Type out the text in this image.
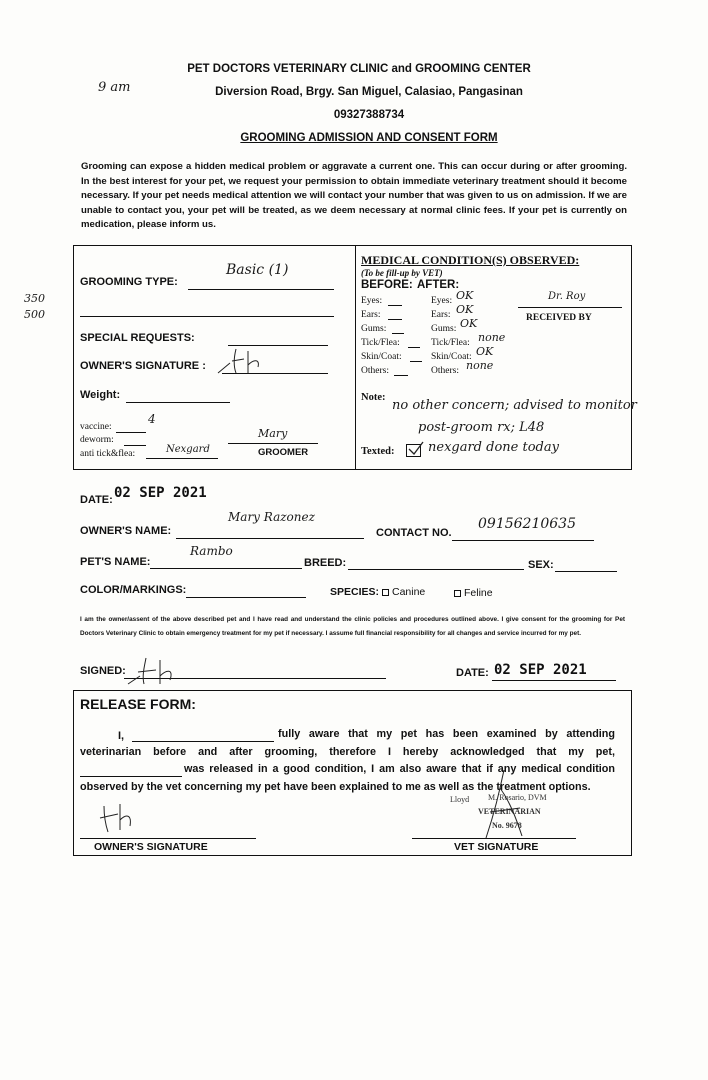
PET DOCTORS VETERINARY CLINIC and GROOMING CENTER
Diversion Road, Brgy. San Miguel, Calasiao, Pangasinan
09327388734
GROOMING ADMISSION AND CONSENT FORM
9 am
350
500

Grooming can expose a hidden medical problem or aggravate a current one. This can occur during or after grooming. In the best interest for your pet, we request your permission to obtain immediate veterinary treatment should it become necessary. If your pet needs medical attention we will contact your number that was given to us on admission. If we are unable to contact you, your pet will be treated, as we deem necessary at normal clinic fees. If your pet is currently on medication, please inform us.

GROOMING TYPE:
Basic (1)
SPECIAL REQUESTS:
OWNER'S SIGNATURE :
Weight:
vaccine:
4
deworm:
anti tick&flea:	Nexgard
Mary
GROOMER
MEDICAL CONDITION(S) OBSERVED:
(To be fill-up by VET)
BEFORE: AFTER:
Eyes:
Ears:
Gums:
Tick/Flea:
Skin/Coat:
Others:
Eyes: OK
Ears: OK
Gums: OK
Tick/Flea: none
Skin/Coat: OK
Others: none
Dr. Roy
RECEIVED BY
Note:
no other concern; advised to monitor
post-groom rx; L48
Texted:	nexgard done today
DATE: 02 SEP 2021
OWNER'S NAME:
Mary Razonez
CONTACT NO.
09156210635
PET'S NAME:
Rambo
BREED:	SEX:
COLOR/MARKINGS:	SPECIES:	Canine	Feline

I am the owner/assent of the above described pet and I have read and understand the clinic policies and procedures outlined above. I give consent for the grooming for Pet Doctors Veterinary Clinic to obtain emergency treatment for my pet if necessary. I assume full financial responsibility for all changes and service incurred for my pet.

SIGNED:	DATE: 02 SEP 2021
RELEASE FORM:
I,	fully aware that my pet has been examined by attending veterinarian before and after grooming, therefore I hereby acknowledged that my pet, was released in a good condition, I am also aware that if any medical condition observed by the vet concerning my pet have been explained to me as well as the treatment options.

OWNER'S SIGNATURE
Lloyd M. Rosario, DVM
VETERINARIAN
No. 9678
VET SIGNATURE
